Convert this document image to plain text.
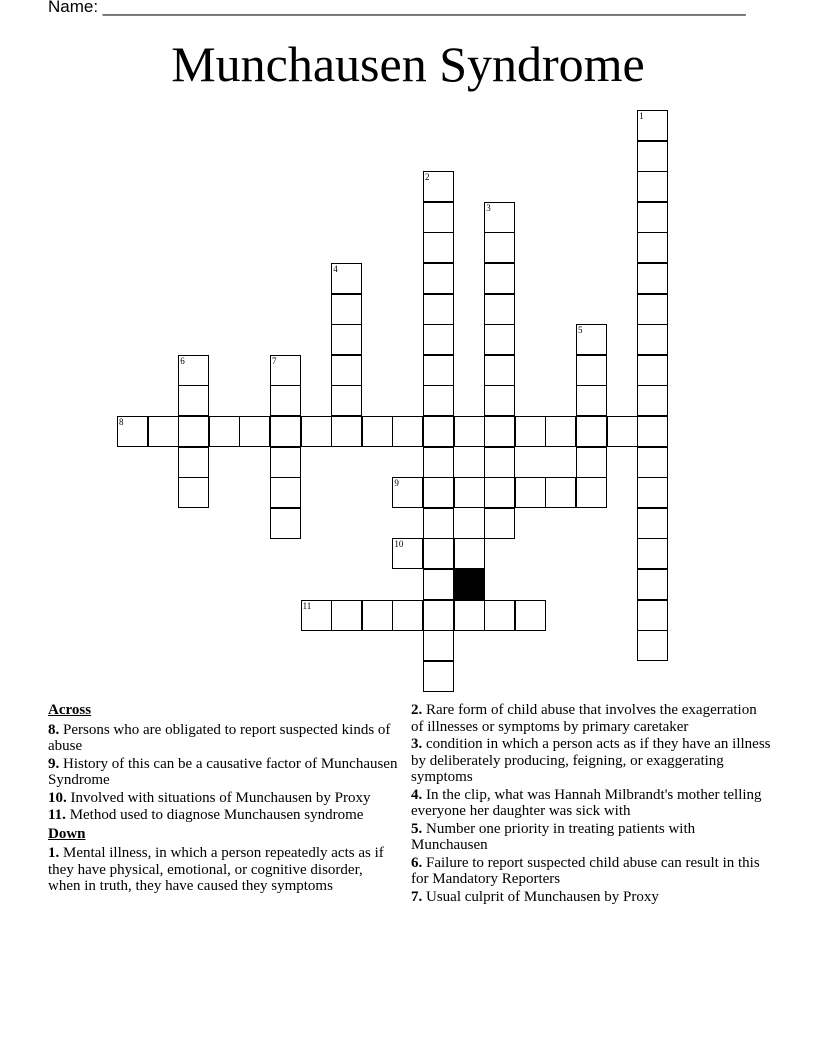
Name: ____________________________________________________________________
Munchausen Syndrome
1
2
3
4
5
6	7
8
9
10
11
Across
8. Persons who are obligated to report suspected kinds of abuse
9. History of this can be a causative factor of Munchausen Syndrome
10. Involved with situations of Munchausen by Proxy
11. Method used to diagnose Munchausen syndrome
Down
1. Mental illness, in which a person repeatedly acts as if they have physical, emotional, or cognitive disorder, when in truth, they have caused they symptoms
2. Rare form of child abuse that involves the exagerration of illnesses or symptoms by primary caretaker
3. condition in which a person acts as if they have an illness by deliberately producing, feigning, or exaggerating symptoms
4. In the clip, what was Hannah Milbrandt's mother telling everyone her daughter was sick with
5. Number one priority in treating patients with Munchausen
6. Failure to report suspected child abuse can result in this for Mandatory Reporters
7. Usual culprit of Munchausen by Proxy
